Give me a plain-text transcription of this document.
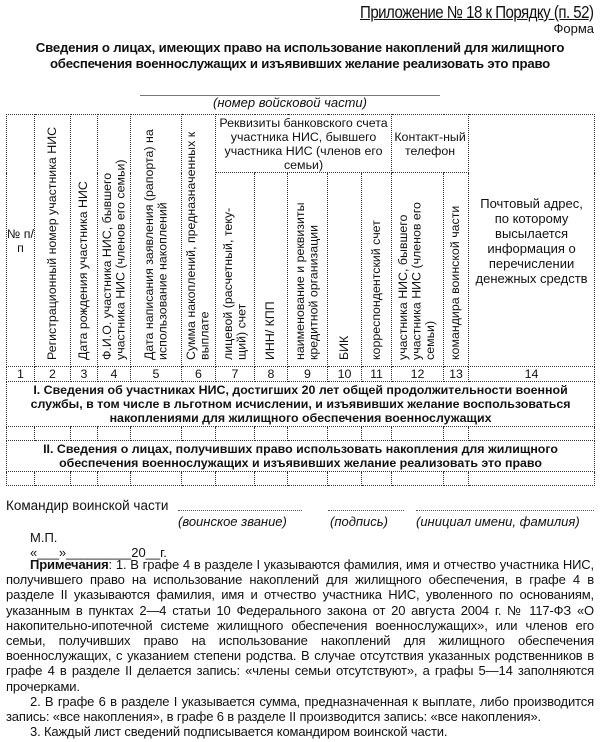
Приложение № 18 к Порядку (п. 52)
Форма
Сведения о лицах, имеющих право на использование накоплений для жилищного обеспечения военнослужащих и изъявивших желание реализовать это право
(номер войсковой части)
№ п/п	Регистрационный номер участника НИС	Дата рождения участника НИС	Ф.И.О. участника НИС, бывшего участника НИС (членов его семьи)	Дата написания заявления (рапорта) на использование накоплений	Сумма накоплений, предназначенных к выплате	Реквизиты банковского счета участника НИС, бывшего участника НИС (членов его семьи)					Контакт-ный телефон		Почтовый адрес, по которому высылается информация о перечислении денежных средств

						лицевой (расчетный, теку-щий) счет	ИНН/ КПП	наименование и реквизиты кредитной организации	БИК	корреспондентский счет	участника НИС, бывшего участника НИС (членов его семьи)	командира воинской части	

1	2	3	4	5	6	7	8	9	10	11	12	13	14
I. Сведения об участниках НИС, достигших 20 лет общей продолжительности военной службы, в том числе в льготном исчислении, и изъявивших желание воспользоваться накоплениями для жилищного обеспечения военнослужащих													

II. Сведения о лицах, получивших право использовать накопления для жилищного обеспечения военнослужащих и изъявивших желание реализовать это право													

Командир воинской части
(воинское звание)	(подпись) (инициал имени, фамилия)
М.П.
«___»_________20__г.

Примечания: 1. В графе 4 в разделе I указываются фамилия, имя и отчество участника НИС, получившего право на использование накоплений для жилищного обеспечения, в графе 4 в разделе II указываются фамилия, имя и отчество участника НИС, уволенного по основаниям, указанным в пунктах 2—4 статьи 10 Федерального закона от 20 августа 2004 г. № 117-ФЗ «О накопительно-ипотечной системе жилищного обеспечения военнослужащих», или членов его семьи, получивших право на использование накоплений для жилищного обеспечения военнослужащих, с указанием степени родства. В случае отсутствия указанных родственников в графе 4 в разделе II делается запись: «члены семьи отсутствуют», а графы 5—14 заполняются прочерками.

2. В графе 6 в разделе I указывается сумма, предназначенная к выплате, либо производится запись: «все накопления», в графе 6 в разделе II производится запись: «все накопления».

3. Каждый лист сведений подписывается командиром воинской части.
